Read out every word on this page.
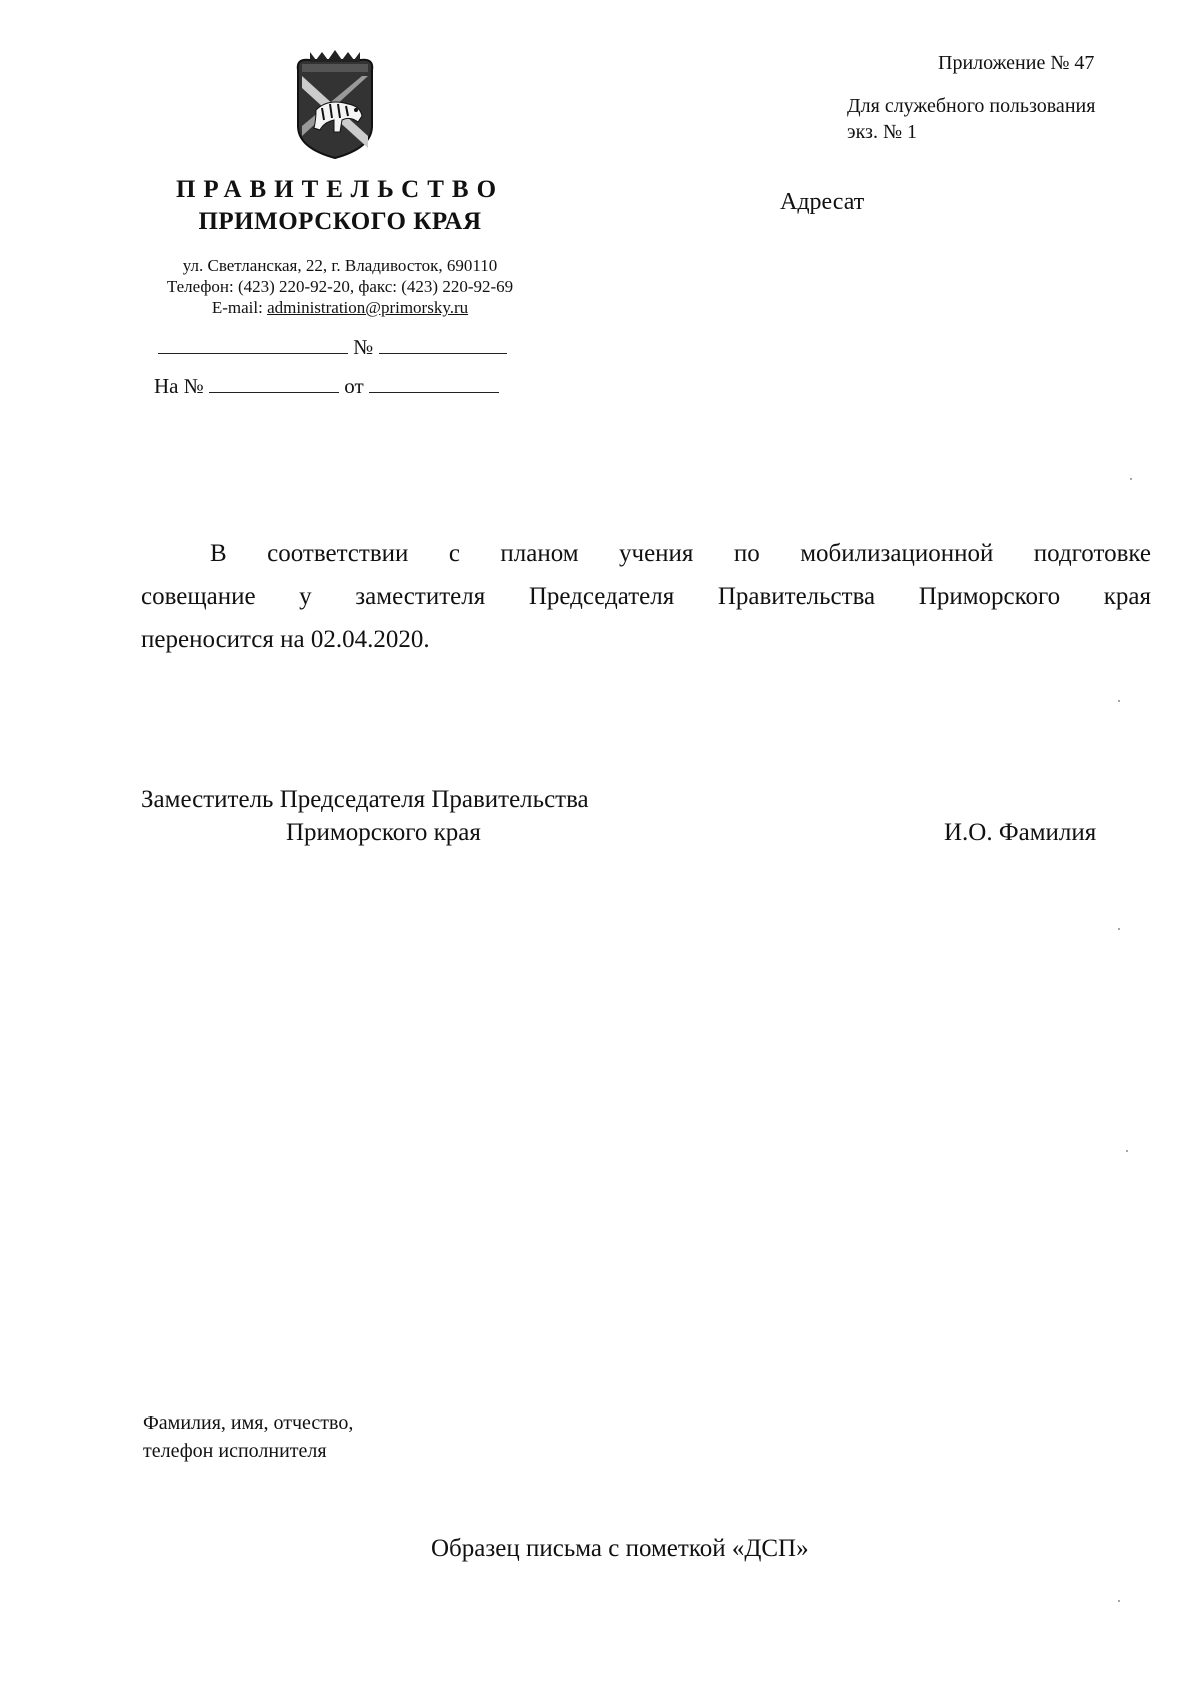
ПРАВИТЕЛЬСТВО
ПРИМОРСКОГО КРАЯ
ул. Светланская, 22, г. Владивосток, 690110
Телефон: (423) 220-92-20, факс: (423) 220-92-69
E-mail: administration@primorsky.ru
№
На №	от
Приложение № 47
Для служебного пользования
экз. № 1
Адресат
В соответствии с планом учения по мобилизационной подготовке
совещание у заместителя Председателя Правительства Приморского края
переносится на 02.04.2020.
Заместитель Председателя Правительства
Приморского края	И.О. Фамилия
Фамилия, имя, отчество,
телефон исполнителя
Образец письма с пометкой «ДСП»
